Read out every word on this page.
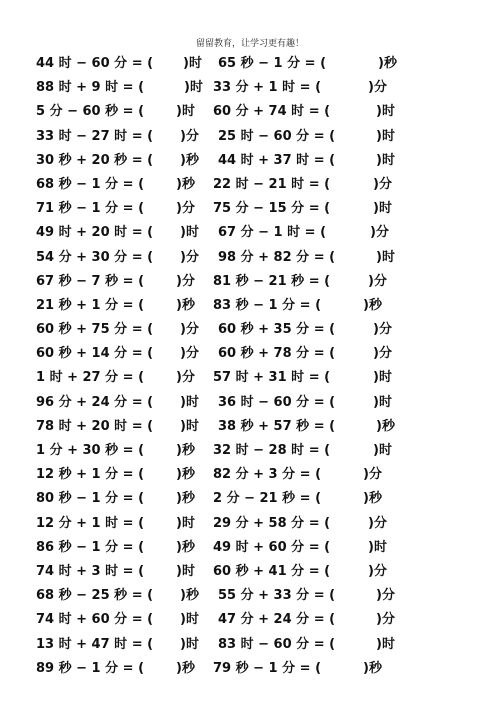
留留教育，让学习更有趣！
44 时 − 60 分 = ( )时 65 秒 − 1 分 = (	)秒
88 时 + 9 时 = (	)时 33 分 + 1 时 = (	)分
5 分 − 60 秒 = ( )时 60 分 + 74 时 = (	)时
33 时 − 27 时 = ( )分 25 时 − 60 分 = (	)时
30 秒 + 20 秒 = ( )秒 44 时 + 37 时 = (	)时
68 秒 − 1 分 = ( )秒 22 时 − 21 时 = (	)分
71 秒 − 1 分 = ( )分 75 分 − 15 分 = (	)时
49 时 + 20 时 = ( )时 67 分 − 1 时 = (	)分
54 分 + 30 分 = ( )分 98 分 + 82 分 = (	)时
67 秒 − 7 秒 = ( )分 81 秒 − 21 秒 = (	)分
21 秒 + 1 分 = ( )秒 83 秒 − 1 分 = (	)秒
60 秒 + 75 分 = ( )分 60 秒 + 35 分 = (	)分
60 秒 + 14 分 = ( )分 60 秒 + 78 分 = (	)分
1 时 + 27 分 = ( )分 57 时 + 31 时 = (	)时
96 分 + 24 分 = ( )时 36 时 − 60 分 = (	)时
78 时 + 20 时 = ( )时 38 秒 + 57 秒 = (	)秒
1 分 + 30 秒 = ( )秒 32 时 − 28 时 = (	)时
12 秒 + 1 分 = ( )秒 82 分 + 3 分 = (	)分
80 秒 − 1 分 = ( )秒 2 分 − 21 秒 = (	)秒
12 分 + 1 时 = ( )时 29 分 + 58 分 = (	)分
86 秒 − 1 分 = ( )秒 49 时 + 60 分 = (	)时
74 时 + 3 时 = ( )时 60 秒 + 41 分 = (	)分
68 秒 − 25 秒 = ( )秒 55 分 + 33 分 = (	)分
74 时 + 60 分 = ( )时 47 分 + 24 分 = (	)分
13 时 + 47 时 = ( )时 83 时 − 60 分 = (	)时
89 秒 − 1 分 = ( )秒 79 秒 − 1 分 = (	)秒
